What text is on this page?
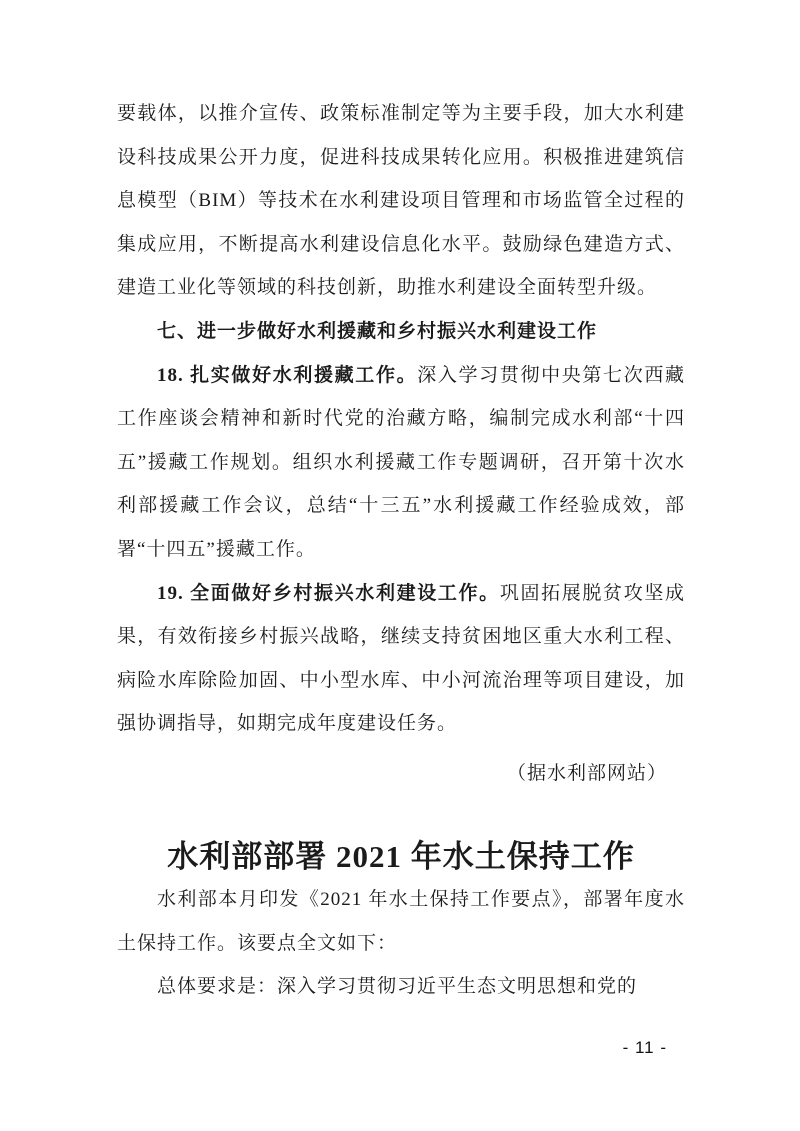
要载体，以推介宣传、政策标准制定等为主要手段，加大水利建设科技成果公开力度，促进科技成果转化应用。积极推进建筑信息模型（BIM）等技术在水利建设项目管理和市场监管全过程的集成应用，不断提高水利建设信息化水平。鼓励绿色建造方式、建造工业化等领域的科技创新，助推水利建设全面转型升级。

七、进一步做好水利援藏和乡村振兴水利建设工作

18. 扎实做好水利援藏工作。深入学习贯彻中央第七次西藏工作座谈会精神和新时代党的治藏方略，编制完成水利部“十四五”援藏工作规划。组织水利援藏工作专题调研，召开第十次水利部援藏工作会议，总结“十三五”水利援藏工作经验成效，部署“十四五”援藏工作。

19. 全面做好乡村振兴水利建设工作。巩固拓展脱贫攻坚成果，有效衔接乡村振兴战略，继续支持贫困地区重大水利工程、病险水库除险加固、中小型水库、中小河流治理等项目建设，加强协调指导，如期完成年度建设任务。

（据水利部网站）

水利部部署 2021 年水土保持工作

水利部本月印发《2021 年水土保持工作要点》，部署年度水土保持工作。该要点全文如下：

总体要求是：深入学习贯彻习近平生态文明思想和党的

- 11 -
